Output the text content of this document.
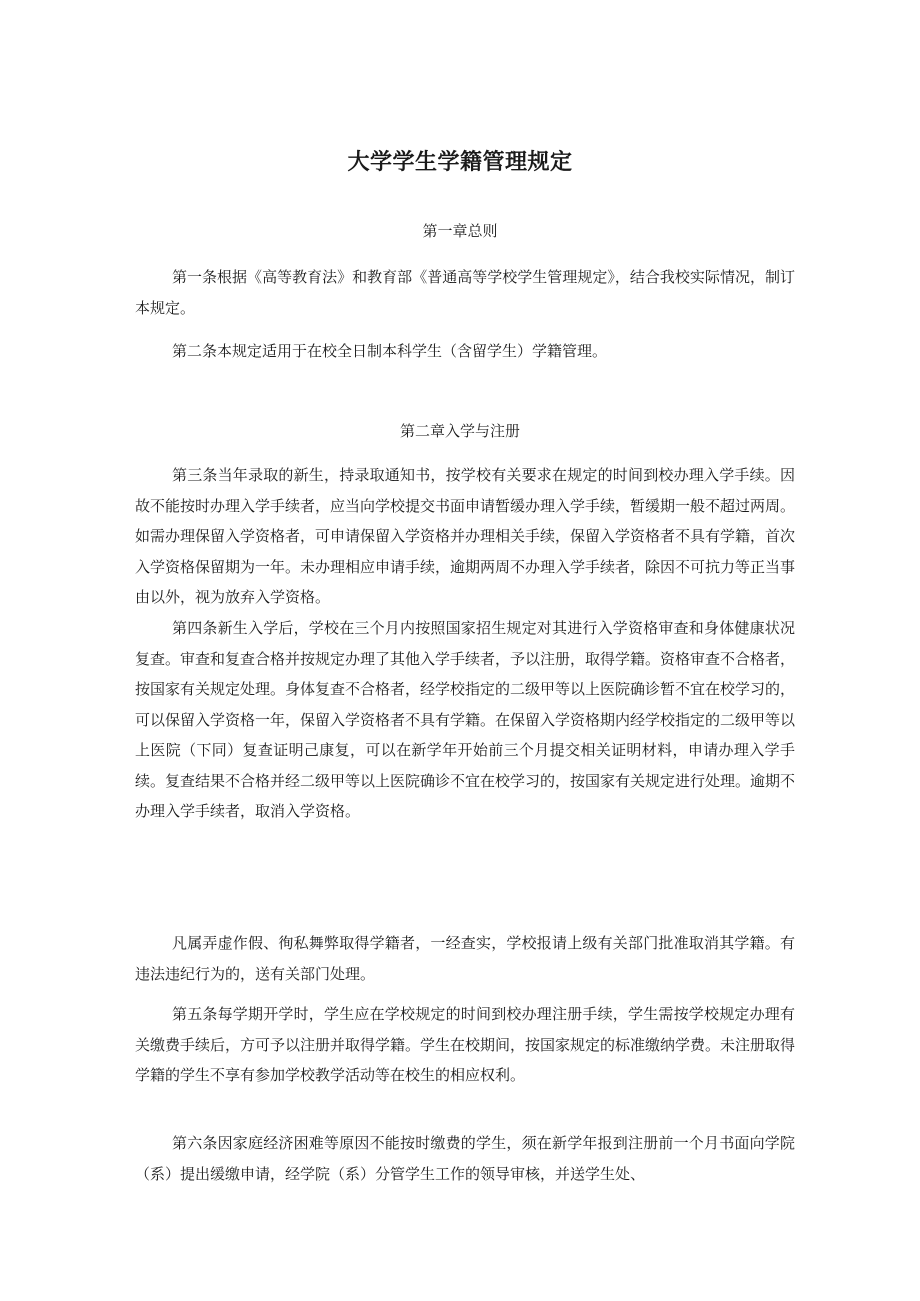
大学学生学籍管理规定
第一章总则

第一条根据《高等教育法》和教育部《普通高等学校学生管理规定》，结合我校实际情况，制订本规定。

第二条本规定适用于在校全日制本科学生（含留学生）学籍管理。

第二章入学与注册

第三条当年录取的新生，持录取通知书，按学校有关要求在规定的时间到校办理入学手续。因故不能按时办理入学手续者，应当向学校提交书面申请暂缓办理入学手续，暂缓期一般不超过两周。如需办理保留入学资格者，可申请保留入学资格并办理相关手续，保留入学资格者不具有学籍，首次入学资格保留期为一年。未办理相应申请手续，逾期两周不办理入学手续者，除因不可抗力等正当事由以外，视为放弃入学资格。

第四条新生入学后，学校在三个月内按照国家招生规定对其进行入学资格审查和身体健康状况复查。审查和复查合格并按规定办理了其他入学手续者，予以注册，取得学籍。资格审查不合格者，按国家有关规定处理。身体复查不合格者，经学校指定的二级甲等以上医院确诊暂不宜在校学习的，可以保留入学资格一年，保留入学资格者不具有学籍。在保留入学资格期内经学校指定的二级甲等以上医院（下同）复查证明己康复，可以在新学年开始前三个月提交相关证明材料，申请办理入学手续。复查结果不合格并经二级甲等以上医院确诊不宜在校学习的，按国家有关规定进行处理。逾期不办理入学手续者，取消入学资格。

凡属弄虚作假、徇私舞弊取得学籍者，一经查实，学校报请上级有关部门批准取消其学籍。有违法违纪行为的，送有关部门处理。

第五条每学期开学时，学生应在学校规定的时间到校办理注册手续，学生需按学校规定办理有关缴费手续后，方可予以注册并取得学籍。学生在校期间，按国家规定的标准缴纳学费。未注册取得学籍的学生不享有参加学校教学活动等在校生的相应权利。

第六条因家庭经济困难等原因不能按时缴费的学生，须在新学年报到注册前一个月书面向学院（系）提出缓缴申请，经学院（系）分管学生工作的领导审核，并送学生处、
